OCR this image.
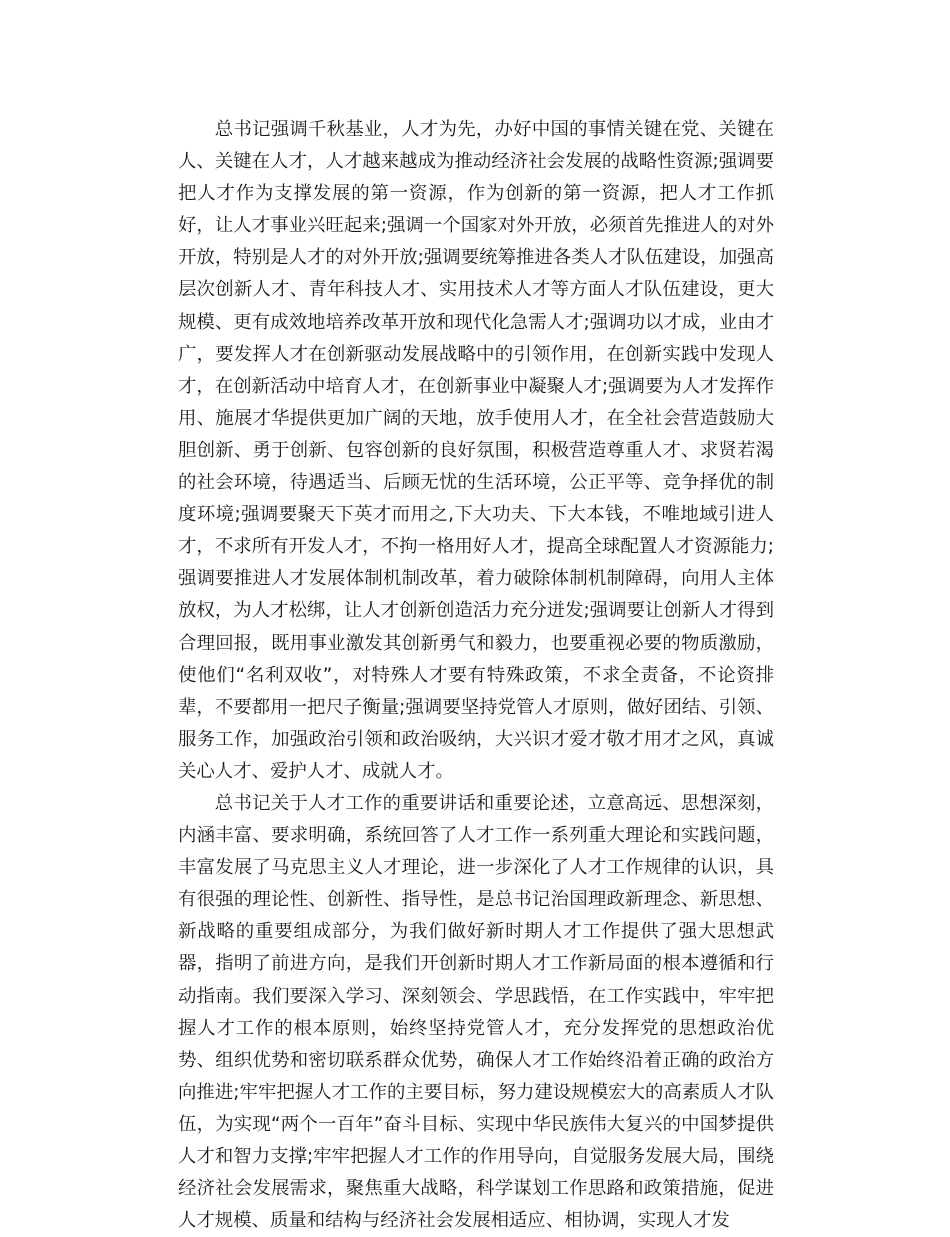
总书记强调千秋基业，人才为先，办好中国的事情关键在党、关键在人、关键在人才，人才越来越成为推动经济社会发展的战略性资源;强调要把人才作为支撑发展的第一资源，作为创新的第一资源，把人才工作抓好，让人才事业兴旺起来;强调一个国家对外开放，必须首先推进人的对外开放，特别是人才的对外开放;强调要统筹推进各类人才队伍建设，加强高层次创新人才、青年科技人才、实用技术人才等方面人才队伍建设，更大规模、更有成效地培养改革开放和现代化急需人才;强调功以才成，业由才广，要发挥人才在创新驱动发展战略中的引领作用，在创新实践中发现人才，在创新活动中培育人才，在创新事业中凝聚人才;强调要为人才发挥作用、施展才华提供更加广阔的天地，放手使用人才，在全社会营造鼓励大胆创新、勇于创新、包容创新的良好氛围，积极营造尊重人才、求贤若渴的社会环境，待遇适当、后顾无忧的生活环境，公正平等、竞争择优的制度环境;强调要聚天下英才而用之,下大功夫、下大本钱，不唯地域引进人才，不求所有开发人才，不拘一格用好人才，提高全球配置人才资源能力;强调要推进人才发展体制机制改革，着力破除体制机制障碍，向用人主体放权，为人才松绑，让人才创新创造活力充分迸发;强调要让创新人才得到合理回报，既用事业激发其创新勇气和毅力，也要重视必要的物质激励，使他们“名利双收”，对特殊人才要有特殊政策，不求全责备，不论资排辈，不要都用一把尺子衡量;强调要坚持党管人才原则，做好团结、引领、服务工作，加强政治引领和政治吸纳，大兴识才爱才敬才用才之风，真诚关心人才、爱护人才、成就人才。

总书记关于人才工作的重要讲话和重要论述，立意高远、思想深刻，内涵丰富、要求明确，系统回答了人才工作一系列重大理论和实践问题，丰富发展了马克思主义人才理论，进一步深化了人才工作规律的认识，具有很强的理论性、创新性、指导性，是总书记治国理政新理念、新思想、新战略的重要组成部分，为我们做好新时期人才工作提供了强大思想武器，指明了前进方向，是我们开创新时期人才工作新局面的根本遵循和行动指南。我们要深入学习、深刻领会、学思践悟，在工作实践中，牢牢把握人才工作的根本原则，始终坚持党管人才，充分发挥党的思想政治优势、组织优势和密切联系群众优势，确保人才工作始终沿着正确的政治方向推进;牢牢把握人才工作的主要目标，努力建设规模宏大的高素质人才队伍，为实现“两个一百年”奋斗目标、实现中华民族伟大复兴的中国梦提供人才和智力支撑;牢牢把握人才工作的作用导向，自觉服务发展大局，围绕经济社会发展需求，聚焦重大战略，科学谋划工作思路和政策措施，促进人才规模、质量和结构与经济社会发展相适应、相协调，实现人才发
